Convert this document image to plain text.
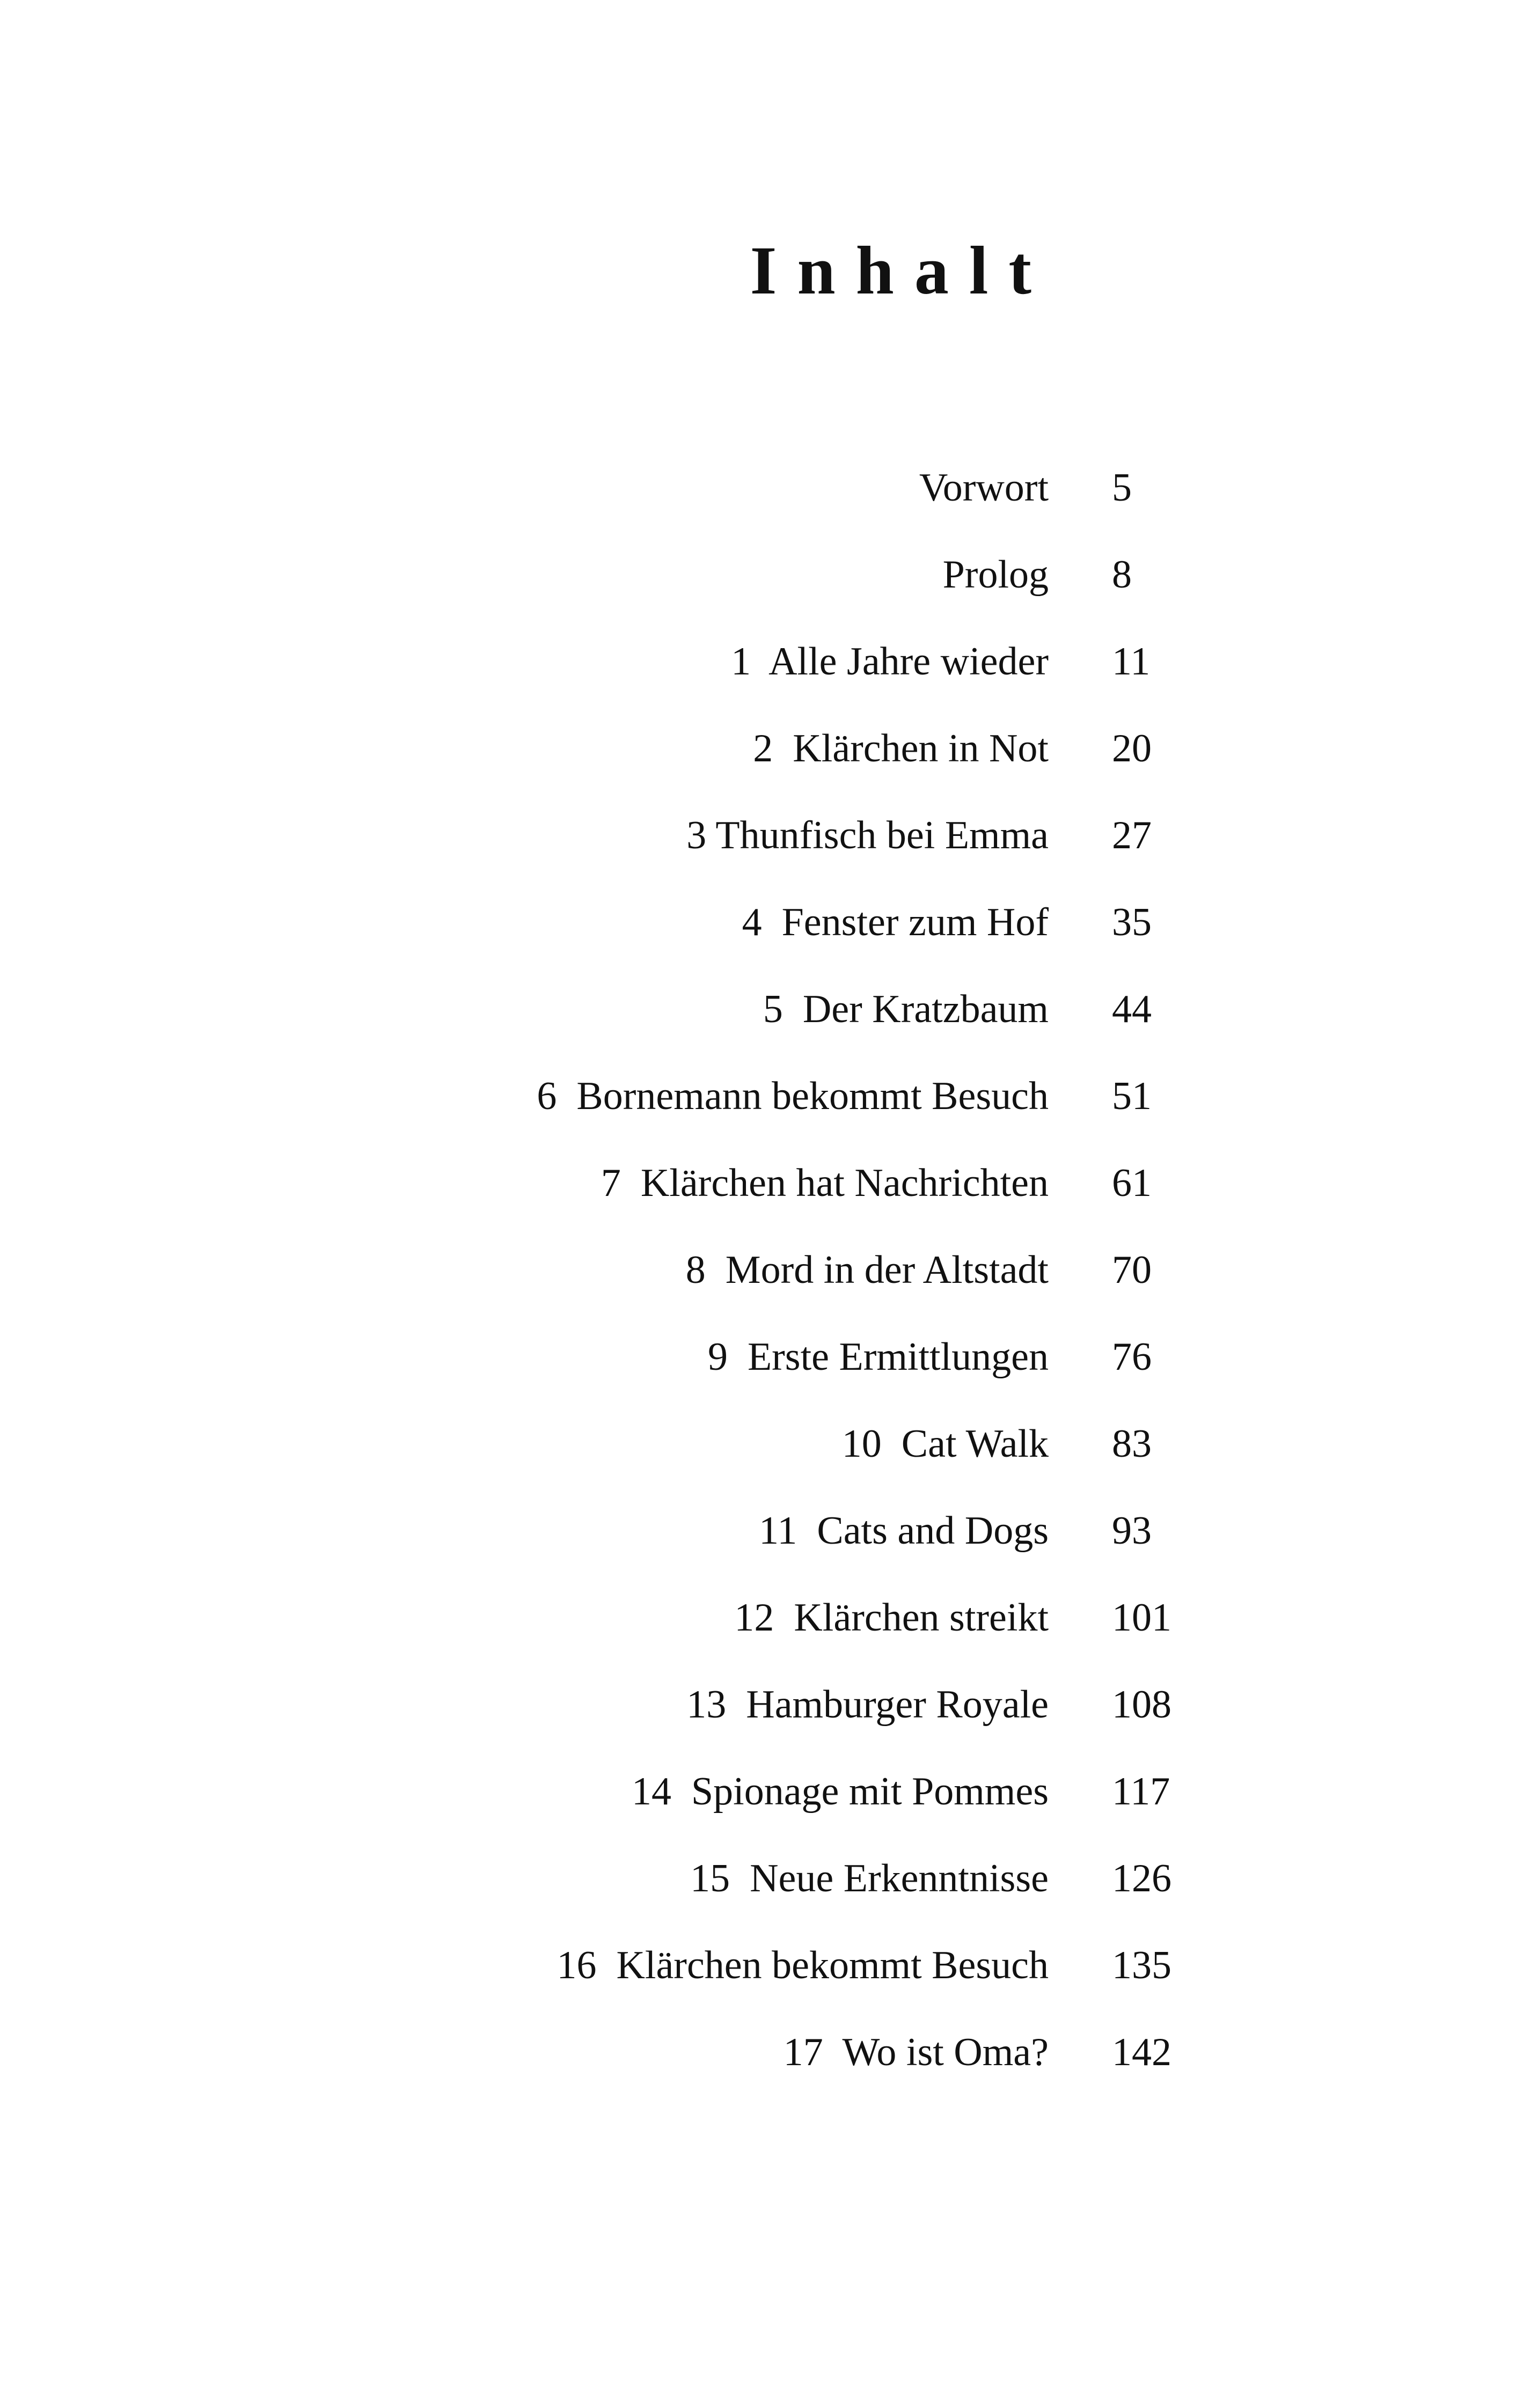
Inhalt
Vorwort 5
Prolog 8
1  Alle Jahre wieder 11
2  Klärchen in Not 20
3 Thunfisch bei Emma 27
4  Fenster zum Hof 35
5  Der Kratzbaum 44
6  Bornemann bekommt Besuch 51
7  Klärchen hat Nachrichten 61
8  Mord in der Altstadt 70
9  Erste Ermittlungen 76
10  Cat Walk 83
11  Cats and Dogs 93
12  Klärchen streikt 101
13  Hamburger Royale 108
14  Spionage mit Pommes 117
15  Neue Erkenntnisse 126
16  Klärchen bekommt Besuch 135
17  Wo ist Oma? 142
